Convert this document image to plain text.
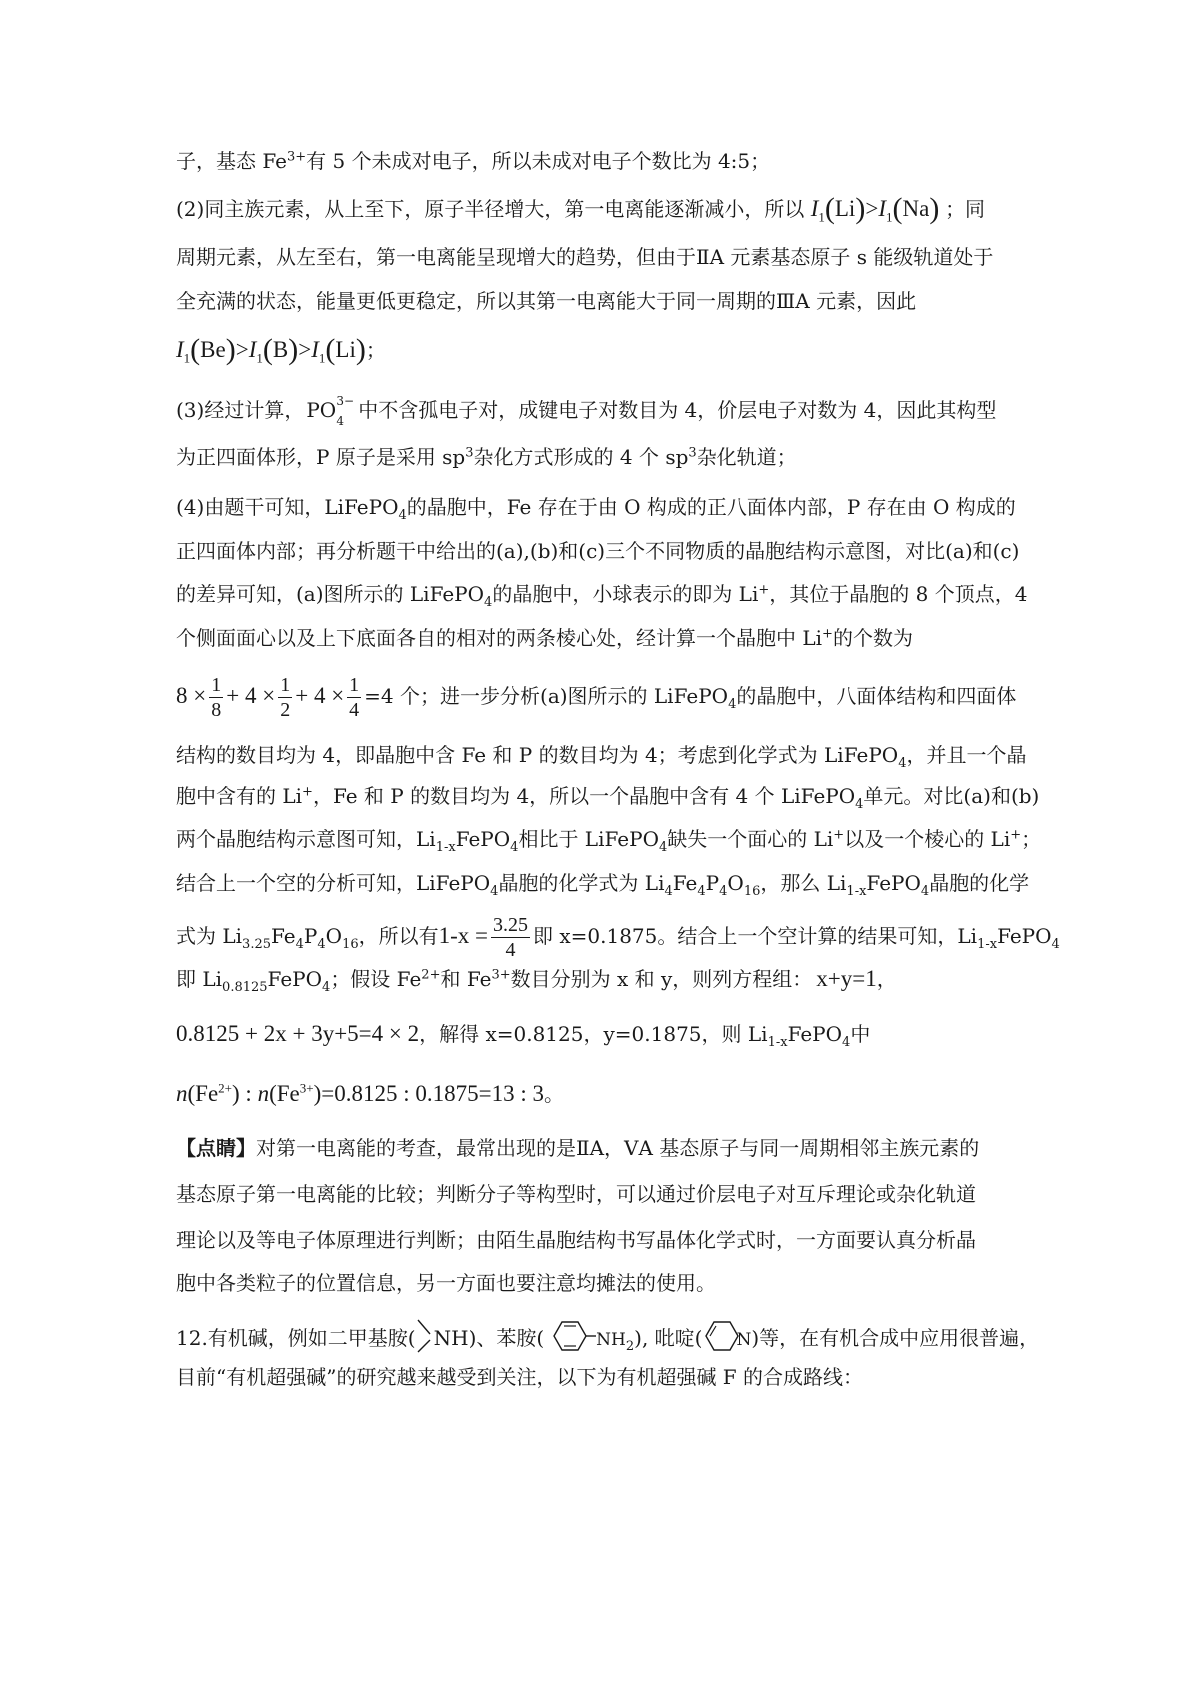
子，基态 $Fe^{3+}$有 5 个未成对电子，所以未成对电子个数比为 4:5；
(2)同主族元素，从上至下，原子半径增大，第一电离能逐渐减小，所以 $I_1(Li)>I_1(Na)$ ；同
周期元素，从左至右，第一电离能呈现增大的趋势，但由于ⅡA 元素基态原子 s 能级轨道处于
全充满的状态，能量更低更稳定，所以其第一电离能大于同一周期的ⅢA 元素，因此
$I_1(Be)>I_1(B)>I_1(Li)$；
(3)经过计算， PO 3−
4 中不含孤电子对，成键电子对数目为 4，价层电子对数为 4，因此其构型
为正四面体形，P 原子是采用 $sp^3$杂化方式形成的 4 个 $sp^3$杂化轨道；
(4)由题干可知，LiFePO$_4$的晶胞中，Fe 存在于由 O 构成的正八面体内部，P 存在由 O 构成的
正四面体内部；再分析题干中给出的(a),(b)和(c)三个不同物质的晶胞结构示意图，对比(a)和(c)
的差异可知，(a)图所示的 LiFePO$_4$的晶胞中，小球表示的即为 Li+，其位于晶胞的 8 个顶点，4
个侧面面心以及上下底面各自的相对的两条棱心处，经计算一个晶胞中 Li+的个数为
$8 \times \frac{1}{8} + 4 \times \frac{1}{2} + 4 \times \frac{1}{4} =4$ 个；进一步分析(a)图所示的 LiFePO$_4$的晶胞中，八面体结构和四面体
结构的数目均为 4，即晶胞中含 Fe 和 P 的数目均为 4；考虑到化学式为 LiFePO$_4$，并且一个晶
胞中含有的 Li+，Fe 和 P 的数目均为 4，所以一个晶胞中含有 4 个 LiFePO$_4$单元。对比(a)和(b)
两个晶胞结构示意图可知，$Li_{1-x}FePO_4$相比于 LiFePO$_4$缺失一个面心的 Li+以及一个棱心的 Li+；
结合上一个空的分析可知，LiFePO$_4$晶胞的化学式为 $Li_4Fe_4P_4O_{16}$，那么 $Li_{1-x}FePO_4$晶胞的化学
式为 $Li_{3.25}Fe_4P_4O_{16}$，所以有$1-x = \frac{3.25}{4}$ 即 x=0.1875。结合上一个空计算的结果可知，$Li_{1-x}FePO_4$
即 $Li_{0.8125}FePO_4$；假设 $Fe^{2+}$和 $Fe^{3+}$数目分别为 x 和 y，则列方程组： x+y=1，
0.8125 + 2x + 3y+5=4 × 2，解得 x=0.8125，y=0.1875，则 $Li_{1-x}FePO_4$中
$n(Fe^{2+})$ : $n(Fe^{3+})=0.8125$ : 0.1875=13 : 3。
【点睛】对第一电离能的考查，最常出现的是ⅡA，ⅤA 基态原子与同一周期相邻主族元素的
基态原子第一电离能的比较；判断分子等构型时，可以通过价层电子对互斥理论或杂化轨道
理论以及等电子体原理进行判断；由陌生晶胞结构书写晶体化学式时，一方面要认真分析晶
胞中各类粒子的位置信息，另一方面也要注意均摊法的使用。
12.有机碱，例如二甲基胺( NH)、苯胺(	$NH_2$), 吡啶( N)等，在有机合成中应用很普遍，
目前“有机超强碱”的研究越来越受到关注，以下为有机超强碱 F 的合成路线：
